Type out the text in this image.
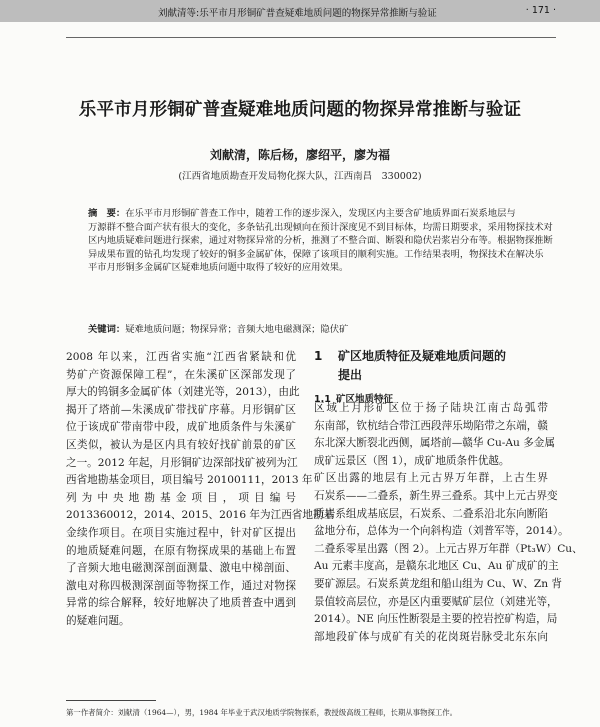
刘献清等:乐平市月形铜矿普查疑难地质问题的物探异常推断与验证	· 171 ·
乐平市月形铜矿普查疑难地质问题的物探异常推断与验证
刘献清，陈后杨，廖绍平，廖为福
(江西省地质勘查开发局物化探大队，江西南昌　330002)
摘　要：在乐平市月形铜矿普查工作中，随着工作的逐步深入，发现区内主要含矿地质界面石炭系地层与
万源群不整合面产状有很大的变化，多条钻孔出现倾向在预计深度见不到目标体，均需日期要求，采用物探技术对
区内地质疑难问题进行探索，通过对物探异常的分析，推测了不整合面、断裂和隐伏岩浆岩分布等。根据物探推断
异成果布置的钻孔均发现了较好的铜多金属矿体，保障了该项目的顺利实施。工作结果表明，物探技术在解决乐
平市月形铜多金属矿区疑难地质问题中取得了较好的应用效果。
关键词：疑难地质问题；物探异常；音频大地电磁测深；隐伏矿
2008 年以来，江西省实施“江西省紧缺和优
势矿产资源保障工程”，在朱溪矿区深部发现了
厚大的钨铜多金属矿体（刘建光等，2013），由此
揭开了塔前—朱溪成矿带找矿序幕。月形铜矿区
位于该成矿带南带中段，成矿地质条件与朱溪矿
区类似，被认为是区内具有较好找矿前景的矿区
之一。2012 年起，月形铜矿边深部找矿被列为江
西省地勘基金项目，项目编号 20100111，2013 年
列为中央地勘基金项目，项目编号
2013360012，2014、2015、2016 年为江西省地勘基
金续作项目。在项目实施过程中，针对矿区提出
的地质疑难问题，在原有物探成果的基础上布置
了音频大地电磁测深剖面测量、激电中梯剖面、
激电对称四极测深剖面等物探工作，通过对物探
异常的综合解释，较好地解决了地质普查中遇到
的疑难问题。
1 矿区地质特征及疑难地质问题的
提出
1.1 矿区地质特征
区域上月形矿区位于扬子陆块江南古岛弧带
东南部，钦杭结合带江西段萍乐坳陷带之东端，赣
东北深大断裂北西侧，属塔前—赣华 Cu-Au 多金属
成矿远景区（图 1），成矿地质条件优越。
矿区出露的地层有上元古界万年群，上古生界
石炭系——二叠系，新生界三叠系。其中上元古界变
质岩系组成基底层，石炭系、二叠系沿北东向断陷
盆地分布，总体为一个向斜构造（刘普军等，2014）。
二叠系零星出露（图 2）。上元古界万年群（Pt₃W）Cu、
Au 元素丰度高，是赣东北地区 Cu、Au 矿成矿的主
要矿源层。石炭系黄龙组和船山组为 Cu、W、Zn 背
景值较高层位，亦是区内重要赋矿层位（刘建光等，
2014）。NE 向压性断裂是主要的控岩控矿构造，局
部地段矿体与成矿有关的花岗斑岩脉受北东东向
第一作者简介：刘献清（1964—），男，1984 年毕业于武汉地质学院物探系，教授级高级工程师，长期从事物探工作。
